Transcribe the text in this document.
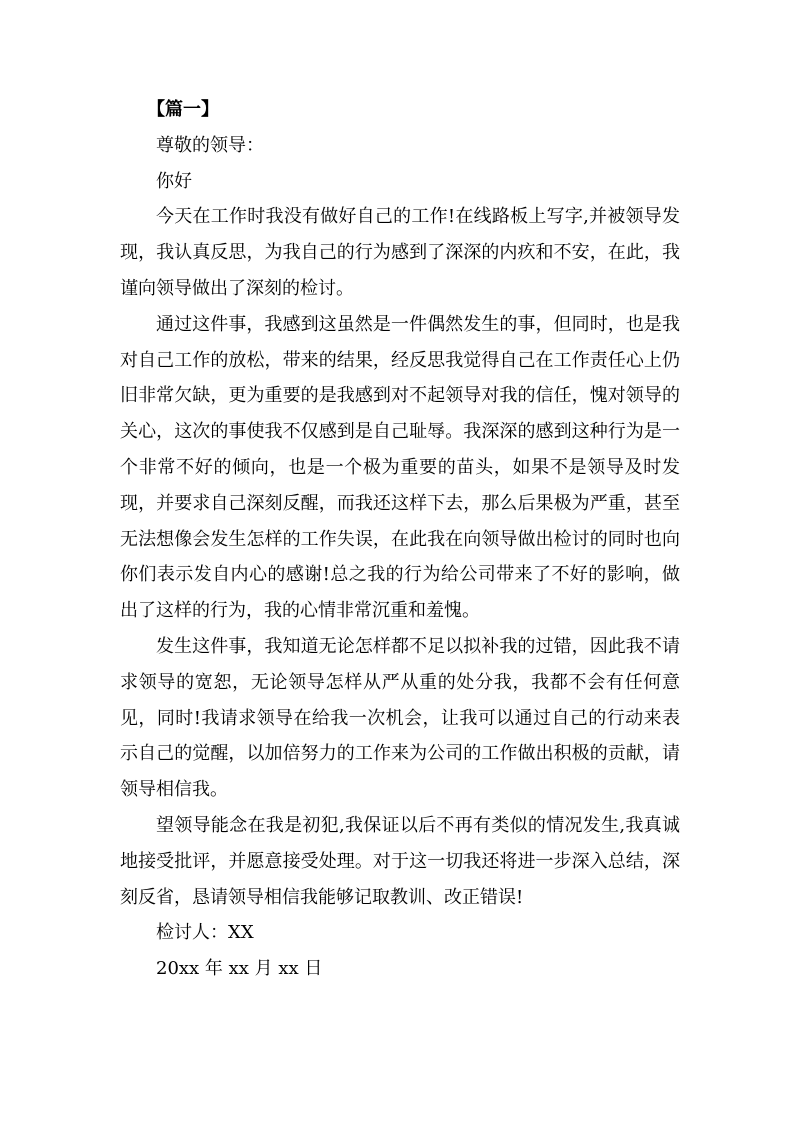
【篇一】

尊敬的领导：

你好

今天在工作时我没有做好自己的工作!在线路板上写字,并被领导发现，我认真反思，为我自己的行为感到了深深的内疚和不安，在此，我谨向领导做出了深刻的检讨。

通过这件事，我感到这虽然是一件偶然发生的事，但同时，也是我对自己工作的放松，带来的结果，经反思我觉得自己在工作责任心上仍旧非常欠缺，更为重要的是我感到对不起领导对我的信任，愧对领导的关心，这次的事使我不仅感到是自己耻辱。我深深的感到这种行为是一个非常不好的倾向，也是一个极为重要的苗头，如果不是领导及时发现，并要求自己深刻反醒，而我还这样下去，那么后果极为严重，甚至无法想像会发生怎样的工作失误，在此我在向领导做出检讨的同时也向你们表示发自内心的感谢!总之我的行为给公司带来了不好的影响，做出了这样的行为，我的心情非常沉重和羞愧。

发生这件事，我知道无论怎样都不足以拟补我的过错，因此我不请求领导的宽恕，无论领导怎样从严从重的处分我，我都不会有任何意见，同时!我请求领导在给我一次机会，让我可以通过自己的行动来表示自己的觉醒，以加倍努力的工作来为公司的工作做出积极的贡献，请领导相信我。

望领导能念在我是初犯,我保证以后不再有类似的情况发生,我真诚地接受批评，并愿意接受处理。对于这一切我还将进一步深入总结，深刻反省，恳请领导相信我能够记取教训、改正错误!

检讨人：XX

20xx 年 xx 月 xx 日
